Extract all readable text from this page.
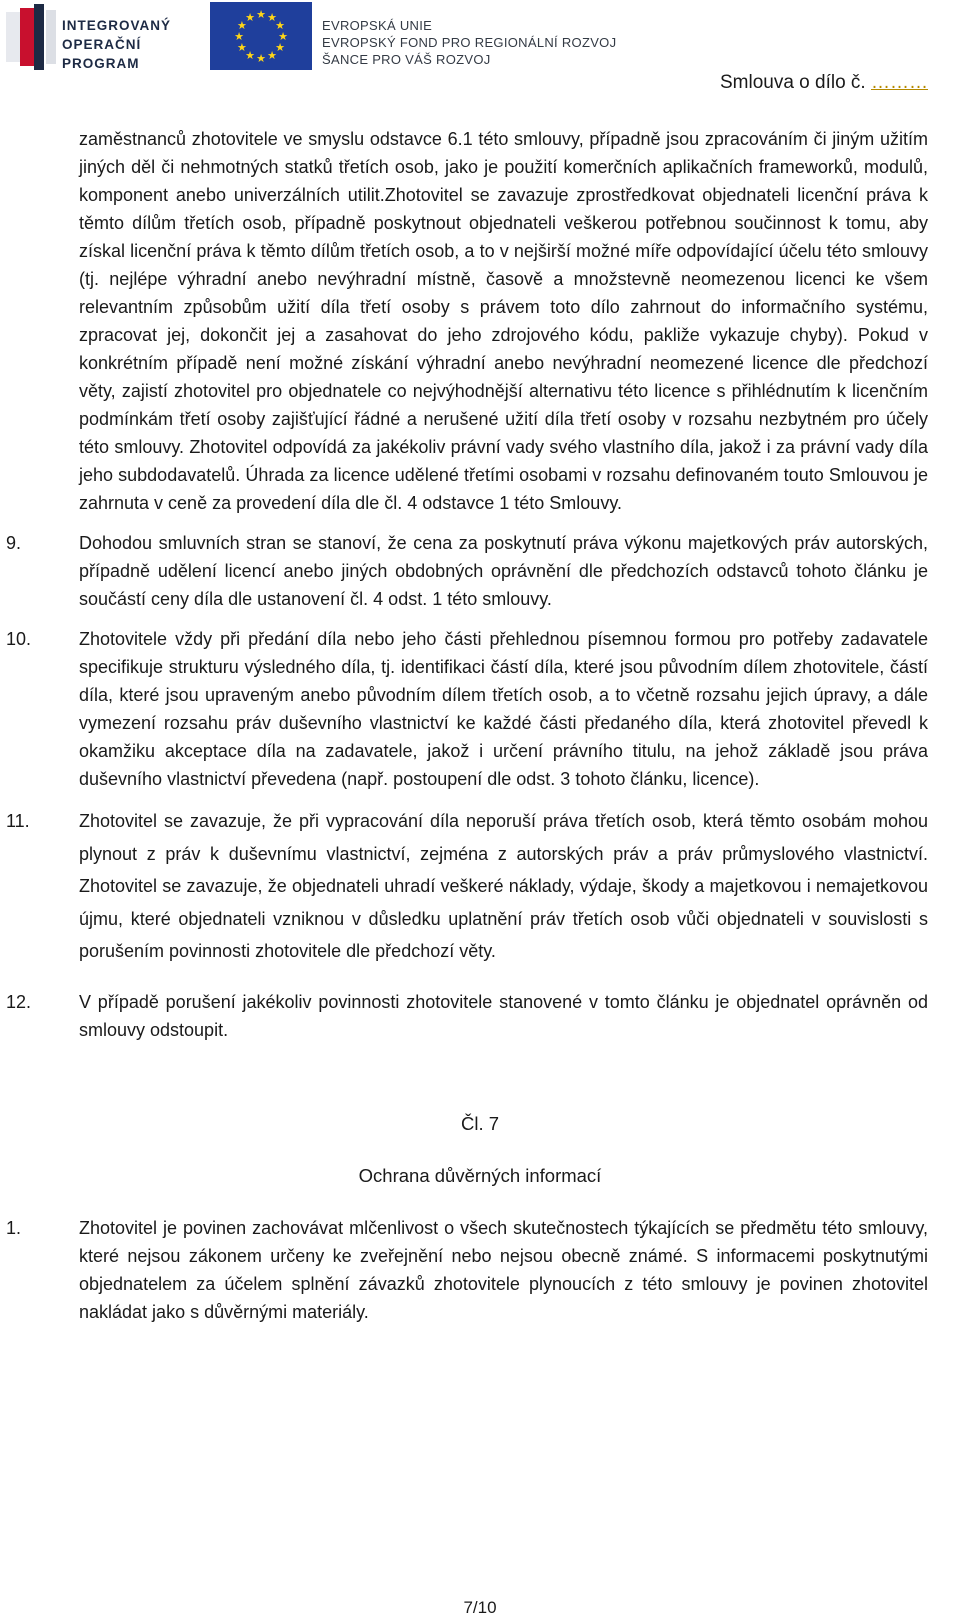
INTEGROVANÝ
OPERAČNÍ
PROGRAM
★ ★
★
★
★
★
★
★
★
★
★
★
EVROPSKÁ UNIE
EVROPSKÝ FOND PRO REGIONÁLNÍ ROZVOJ
ŠANCE PRO VÁŠ ROZVOJ
Smlouva o dílo č. ………
zaměstnanců zhotovitele ve smyslu odstavce 6.1 této smlouvy, případně jsou zpracováním či jiným užitím jiných děl či nehmotných statků třetích osob, jako je použití komerčních aplikačních frameworků, modulů, komponent anebo univerzálních utilit.Zhotovitel se zavazuje zprostředkovat objednateli licenční práva k těmto dílům třetích osob, případně poskytnout objednateli veškerou potřebnou součinnost k tomu, aby získal licenční práva k těmto dílům třetích osob, a to v nejširší možné míře odpovídající účelu této smlouvy (tj. nejlépe výhradní anebo nevýhradní místně, časově a množstevně neomezenou licenci ke všem relevantním způsobům užití díla třetí osoby s právem toto dílo zahrnout do informačního systému, zpracovat jej, dokončit jej a zasahovat do jeho zdrojového kódu, pakliže vykazuje chyby). Pokud v konkrétním případě není možné získání výhradní anebo nevýhradní neomezené licence dle předchozí věty, zajistí zhotovitel pro objednatele co nejvýhodnější alternativu této licence s přihlédnutím k licenčním podmínkám třetí osoby zajišťující řádné a nerušené užití díla třetí osoby v rozsahu nezbytném pro účely této smlouvy. Zhotovitel odpovídá za jakékoliv právní vady svého vlastního díla, jakož i za právní vady díla jeho subdodavatelů. Úhrada za licence udělené třetími osobami v rozsahu definovaném touto Smlouvou je zahrnuta v ceně za provedení díla dle čl. 4 odstavce 1 této Smlouvy.
9.	Dohodou smluvních stran se stanoví, že cena za poskytnutí práva výkonu majetkových práv autorských, případně udělení licencí anebo jiných obdobných oprávnění dle předchozích odstavců tohoto článku je součástí ceny díla dle ustanovení čl. 4 odst. 1 této smlouvy.
10.	Zhotovitele vždy při předání díla nebo jeho části přehlednou písemnou formou pro potřeby zadavatele specifikuje strukturu výsledného díla, tj. identifikaci částí díla, které jsou původním dílem zhotovitele, částí díla, které jsou upraveným anebo původním dílem třetích osob, a to včetně rozsahu jejich úpravy, a dále vymezení rozsahu práv duševního vlastnictví ke každé části předaného díla, která zhotovitel převedl k okamžiku akceptace díla na zadavatele, jakož i určení právního titulu, na jehož základě jsou práva duševního vlastnictví převedena (např. postoupení dle odst. 3 tohoto článku, licence).
11.	Zhotovitel se zavazuje, že při vypracování díla neporuší práva třetích osob, která těmto osobám mohou plynout z práv k duševnímu vlastnictví, zejména z autorských práv a práv průmyslového vlastnictví. Zhotovitel se zavazuje, že objednateli uhradí veškeré náklady, výdaje, škody a majetkovou i nemajetkovou újmu, které objednateli vzniknou v důsledku uplatnění práv třetích osob vůči objednateli v souvislosti s porušením povinnosti zhotovitele dle předchozí věty.
12.	V případě porušení jakékoliv povinnosti zhotovitele stanovené v tomto článku je objednatel oprávněn od smlouvy odstoupit.
Čl. 7
Ochrana důvěrných informací
1.	Zhotovitel je povinen zachovávat mlčenlivost o všech skutečnostech týkajících se předmětu této smlouvy, které nejsou zákonem určeny ke zveřejnění nebo nejsou obecně známé. S informacemi poskytnutými objednatelem za účelem splnění závazků zhotovitele plynoucích z této smlouvy je povinen zhotovitel nakládat jako s důvěrnými materiály.
7/10
